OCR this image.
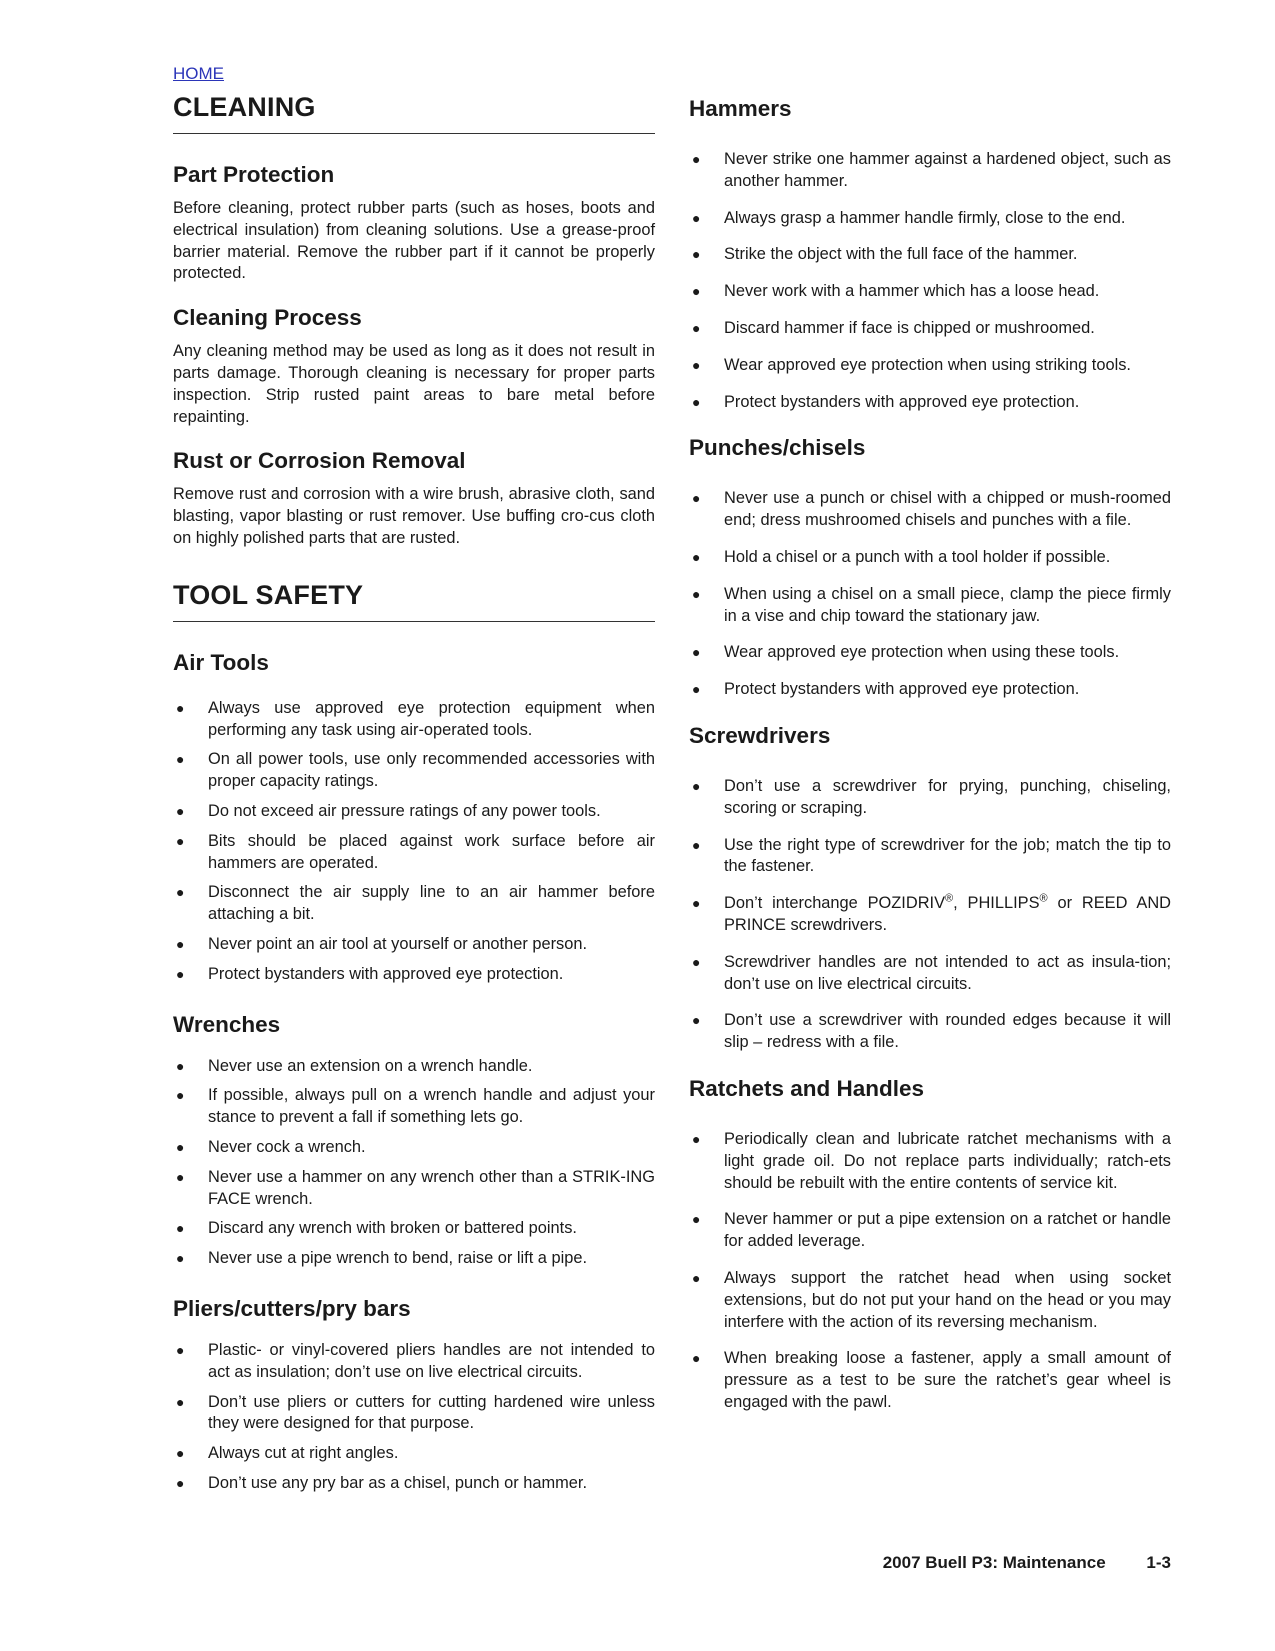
HOME
CLEANING
Part Protection

Before cleaning, protect rubber parts (such as hoses, boots and electrical insulation) from cleaning solutions. Use a grease-proof barrier material. Remove the rubber part if it cannot be properly protected.

Cleaning Process

Any cleaning method may be used as long as it does not result in parts damage. Thorough cleaning is necessary for proper parts inspection. Strip rusted paint areas to bare metal before repainting.

Rust or Corrosion Removal

Remove rust and corrosion with a wire brush, abrasive cloth, sand blasting, vapor blasting or rust remover. Use buffing cro-cus cloth on highly polished parts that are rusted.

TOOL SAFETY
Air Tools
● Always use approved eye protection equipment when performing any task using air-operated tools.
● On all power tools, use only recommended accessories with proper capacity ratings.
● Do not exceed air pressure ratings of any power tools.
● Bits should be placed against work surface before air hammers are operated.
● Disconnect the air supply line to an air hammer before attaching a bit.
● Never point an air tool at yourself or another person.
● Protect bystanders with approved eye protection.
Wrenches
● Never use an extension on a wrench handle.
● If possible, always pull on a wrench handle and adjust your stance to prevent a fall if something lets go.
● Never cock a wrench.
● Never use a hammer on any wrench other than a STRIK-ING FACE wrench.
● Discard any wrench with broken or battered points.
● Never use a pipe wrench to bend, raise or lift a pipe.
Pliers/cutters/pry bars
● Plastic- or vinyl-covered pliers handles are not intended to act as insulation; don’t use on live electrical circuits.
● Don’t use pliers or cutters for cutting hardened wire unless they were designed for that purpose.
● Always cut at right angles.
● Don’t use any pry bar as a chisel, punch or hammer.
Hammers
● Never strike one hammer against a hardened object, such as another hammer.
● Always grasp a hammer handle firmly, close to the end.
● Strike the object with the full face of the hammer.
● Never work with a hammer which has a loose head.
● Discard hammer if face is chipped or mushroomed.
● Wear approved eye protection when using striking tools.
● Protect bystanders with approved eye protection.
Punches/chisels
● Never use a punch or chisel with a chipped or mush-roomed end; dress mushroomed chisels and punches with a file.
● Hold a chisel or a punch with a tool holder if possible.
● When using a chisel on a small piece, clamp the piece firmly in a vise and chip toward the stationary jaw.
● Wear approved eye protection when using these tools.
● Protect bystanders with approved eye protection.
Screwdrivers
● Don’t use a screwdriver for prying, punching, chiseling, scoring or scraping.
● Use the right type of screwdriver for the job; match the tip to the fastener.
● Don’t interchange POZIDRIV®, PHILLIPS® or REED AND PRINCE screwdrivers.
● Screwdriver handles are not intended to act as insula-tion; don’t use on live electrical circuits.
● Don’t use a screwdriver with rounded edges because it will slip – redress with a file.
Ratchets and Handles
● Periodically clean and lubricate ratchet mechanisms with a light grade oil. Do not replace parts individually; ratch-ets should be rebuilt with the entire contents of service kit.
● Never hammer or put a pipe extension on a ratchet or handle for added leverage.
● Always support the ratchet head when using socket extensions, but do not put your hand on the head or you may interfere with the action of its reversing mechanism.
● When breaking loose a fastener, apply a small amount of pressure as a test to be sure the ratchet’s gear wheel is engaged with the pawl.
2007 Buell P3: Maintenance 1-3
